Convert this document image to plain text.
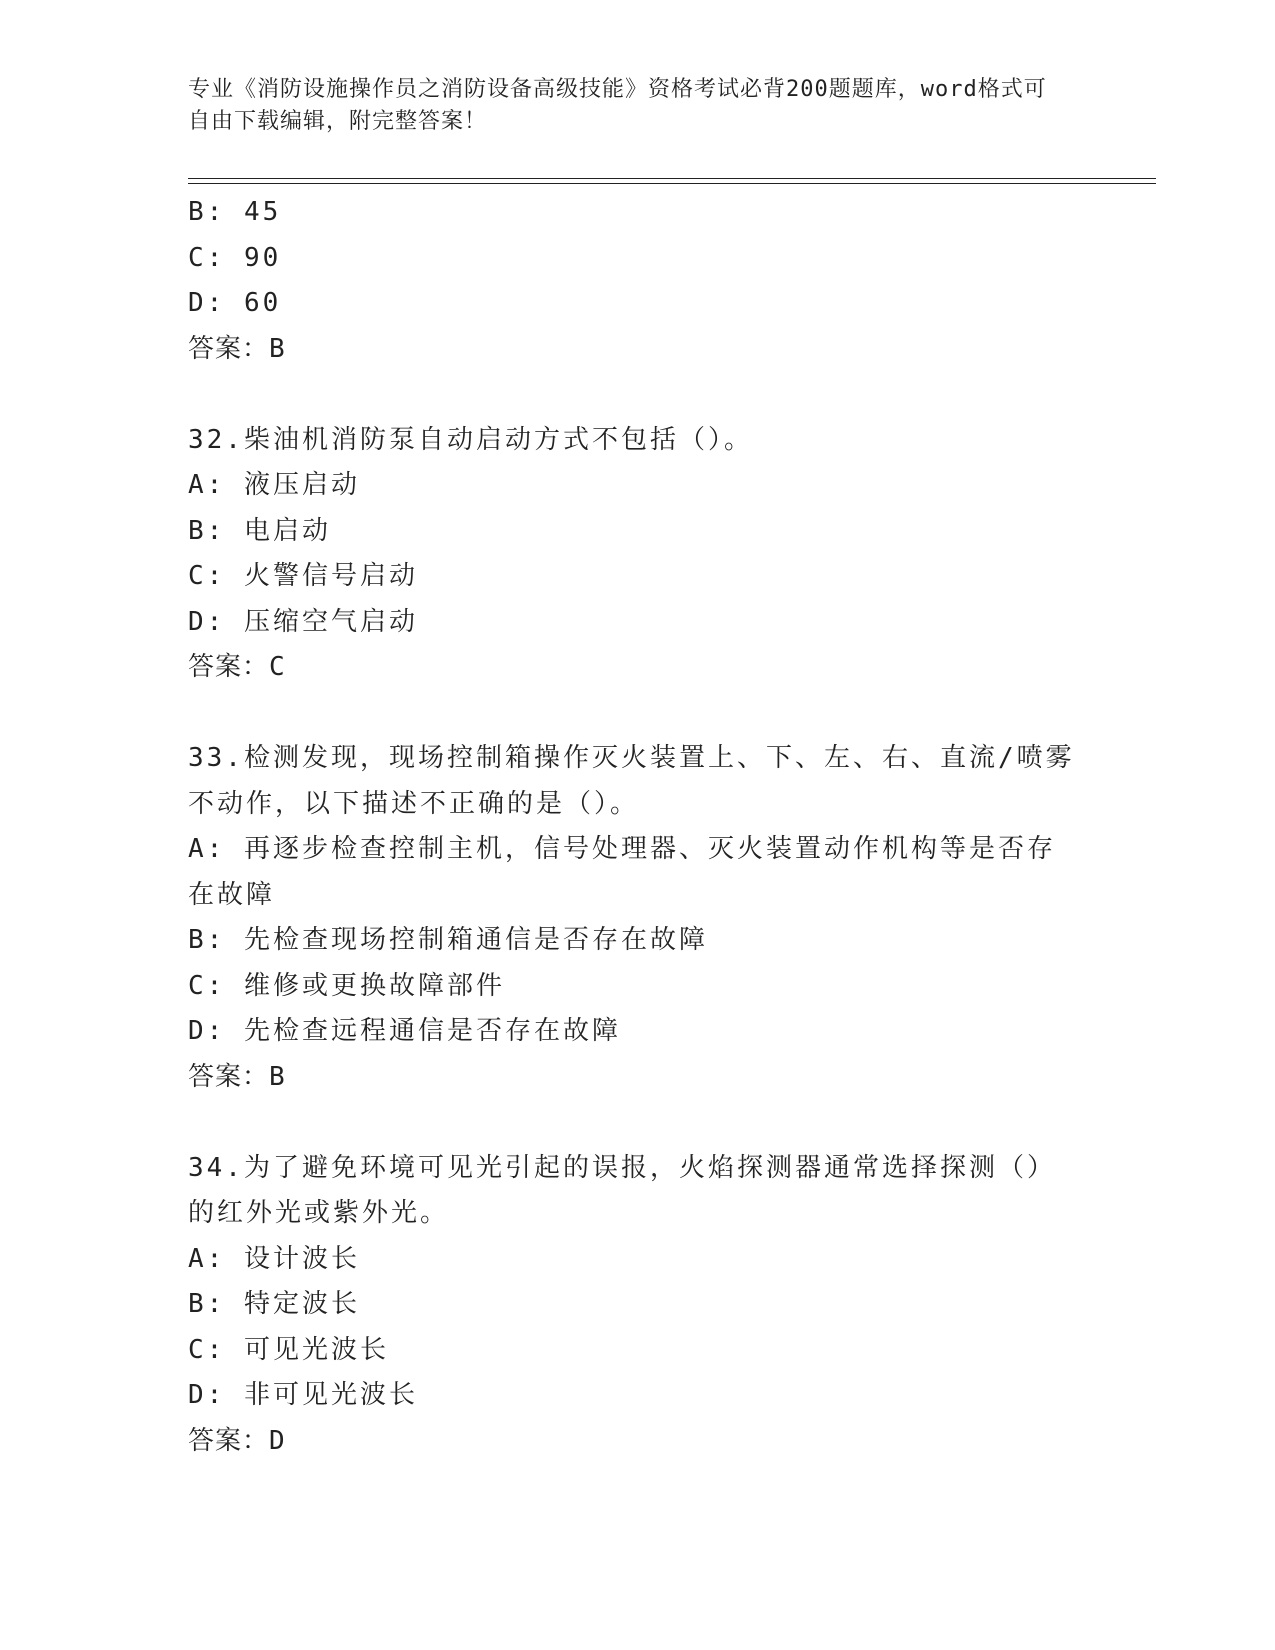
专业《消防设施操作员之消防设备高级技能》资格考试必背200题题库，word格式可自由下载编辑，附完整答案！

B: 45
C: 90
D: 60
答案：B
32.柴油机消防泵自动启动方式不包括（）。
A: 液压启动
B: 电启动
C: 火警信号启动
D: 压缩空气启动
答案：C
33.检测发现，现场控制箱操作灭火装置上、下、左、右、直流/喷雾不动作，以下描述不正确的是（）。
A: 再逐步检查控制主机，信号处理器、灭火装置动作机构等是否存在故障
B: 先检查现场控制箱通信是否存在故障
C: 维修或更换故障部件
D: 先检查远程通信是否存在故障
答案：B
34.为了避免环境可见光引起的误报，火焰探测器通常选择探测（）的红外光或紫外光。
A: 设计波长
B: 特定波长
C: 可见光波长
D: 非可见光波长
答案：D
